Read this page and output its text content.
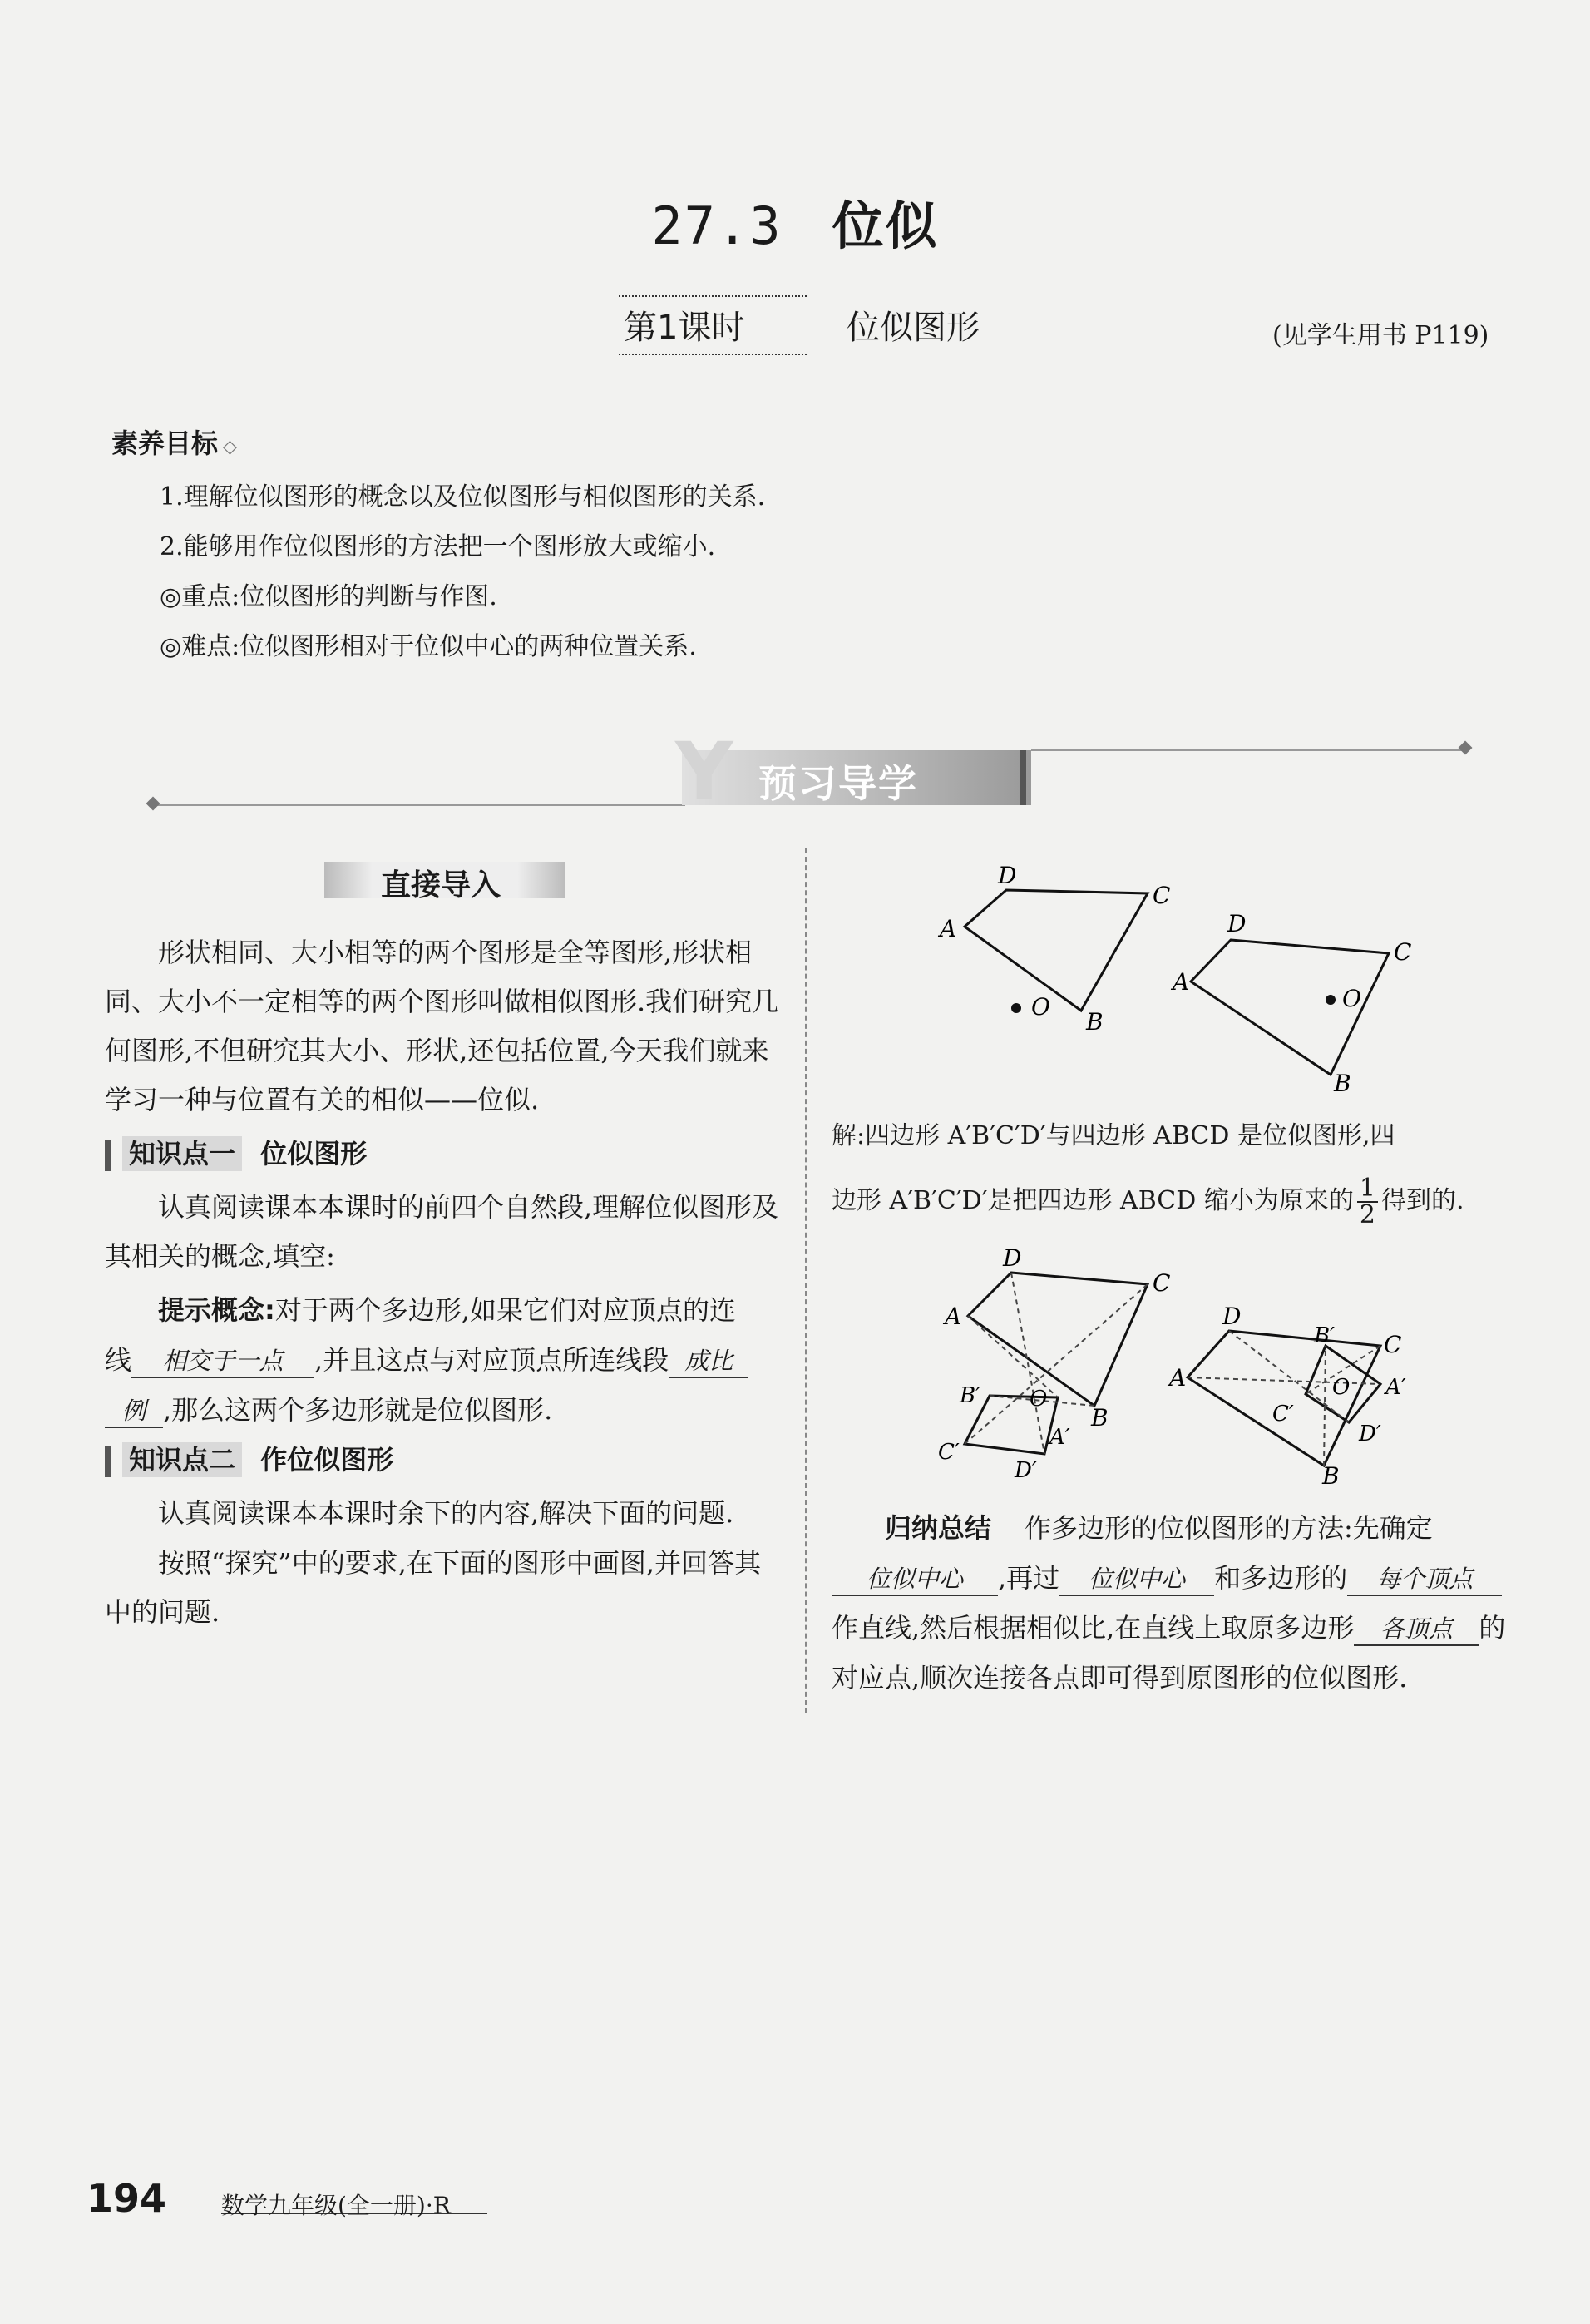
27.3 位似
第1课时	位似图形	(见学生用书 P119)
素养目标 ◇
1.理解位似图形的概念以及位似图形与相似图形的关系.
2.能够用作位似图形的方法把一个图形放大或缩小.
◎重点:位似图形的判断与作图.
◎难点:位似图形相对于位似中心的两种位置关系.
Y 预习导学
直接导入
形状相同、大小相等的两个图形是全等图形,形状相同、大小不一定相等的两个图形叫做相似图形.我们研究几何图形,不但研究其大小、形状,还包括位置,今天我们就来学习一种与位置有关的相似——位似.
知识点一 位似图形
认真阅读课本本课时的前四个自然段,理解位似图形及其相关的概念,填空:
提示概念:对于两个多边形,如果它们对应顶点的连
线 相交于一点 ,并且这点与对应顶点所连线段 成比
例 ,那么这两个多边形就是位似图形.
知识点二 作位似图形
认真阅读课本本课时余下的内容,解决下面的问题.
按照“探究”中的要求,在下面的图形中画图,并回答其中的问题.
D
C
A
B
O
D
C
A
B
O
解:四边形 A′B′C′D′与四边形 ABCD 是位似图形,四
边形 A′B′C′D′是把四边形 ABCD 缩小为原来的 $\frac{1}{2}$ 得到的.
D
C
A
B
O
B′
A′
C′
D′
D
C
A
B
O
B′
A′
C′
D′
归纳总结 作多边形的位似图形的方法:先确定
位似中心 ,再过 位似中心 和多边形的 每个顶点
作直线,然后根据相似比,在直线上取原多边形 各顶点 的
对应点,顺次连接各点即可得到原图形的位似图形.
194 数学九年级(全一册)·R
